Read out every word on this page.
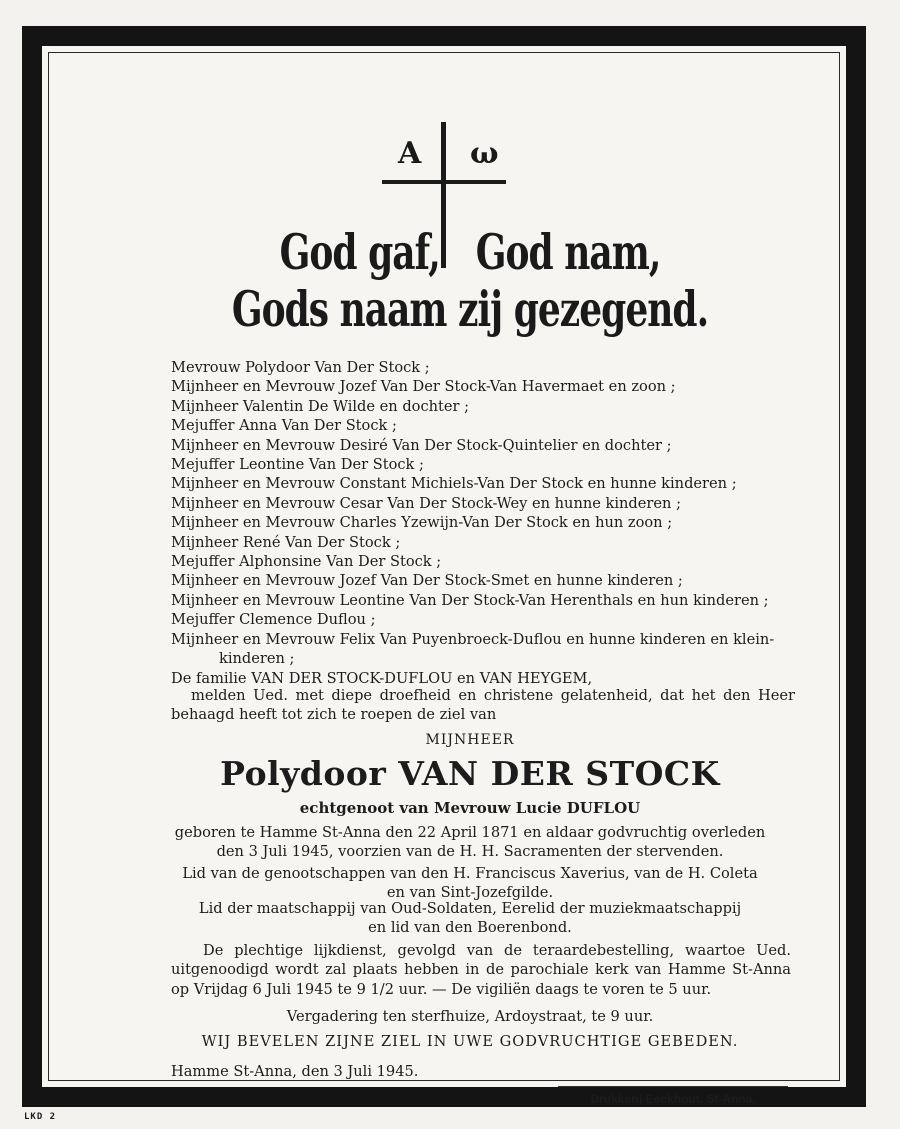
A ω
God gaf, God nam,
Gods naam zij gezegend.
Mevrouw Polydoor Van Der Stock ;
Mijnheer en Mevrouw Jozef Van Der Stock-Van Havermaet en zoon ;
Mijnheer Valentin De Wilde en dochter ;
Mejuffer Anna Van Der Stock ;
Mijnheer en Mevrouw Desiré Van Der Stock-Quintelier en dochter ;
Mejuffer Leontine Van Der Stock ;
Mijnheer en Mevrouw Constant Michiels-Van Der Stock en hunne kinderen ;
Mijnheer en Mevrouw Cesar Van Der Stock-Wey en hunne kinderen ;
Mijnheer en Mevrouw Charles Yzewijn-Van Der Stock en hun zoon ;
Mijnheer René Van Der Stock ;
Mejuffer Alphonsine Van Der Stock ;
Mijnheer en Mevrouw Jozef Van Der Stock-Smet en hunne kinderen ;
Mijnheer en Mevrouw Leontine Van Der Stock-Van Herenthals en hun kinderen ;
Mejuffer Clemence Duflou ;
Mijnheer en Mevrouw Felix Van Puyenbroeck-Duflou en hunne kinderen en klein-
kinderen ;
De familie VAN DER STOCK-DUFLOU en VAN HEYGEM,
melden Ued. met diepe droefheid en christene gelatenheid, dat het den Heer behaagd heeft tot zich te roepen de ziel van
MIJNHEER
Polydoor VAN DER STOCK
echtgenoot van Mevrouw Lucie DUFLOU
geboren te Hamme St-Anna den 22 April 1871 en aldaar godvruchtig overleden
den 3 Juli 1945, voorzien van de H. H. Sacramenten der stervenden.
Lid van de genootschappen van den H. Franciscus Xaverius, van de H. Coleta
en van Sint-Jozefgilde.
Lid der maatschappij van Oud-Soldaten, Eerelid der muziekmaatschappij
en lid van den Boerenbond.
De plechtige lijkdienst, gevolgd van de teraardebestelling, waartoe Ued. uitgenoodigd wordt zal plaats hebben in de parochiale kerk van Hamme St-Anna op Vrijdag 6 Juli 1945 te 9 1/2 uur. — De vigiliën daags te voren te 5 uur.
Vergadering ten sterfhuize, Ardoystraat, te 9 uur.
WIJ BEVELEN ZIJNE ZIEL IN UWE GODVRUCHTIGE GEBEDEN.
Hamme St-Anna, den 3 Juli 1945.
Drukkerij Eeckhout, St-Anna.
LKD 2
